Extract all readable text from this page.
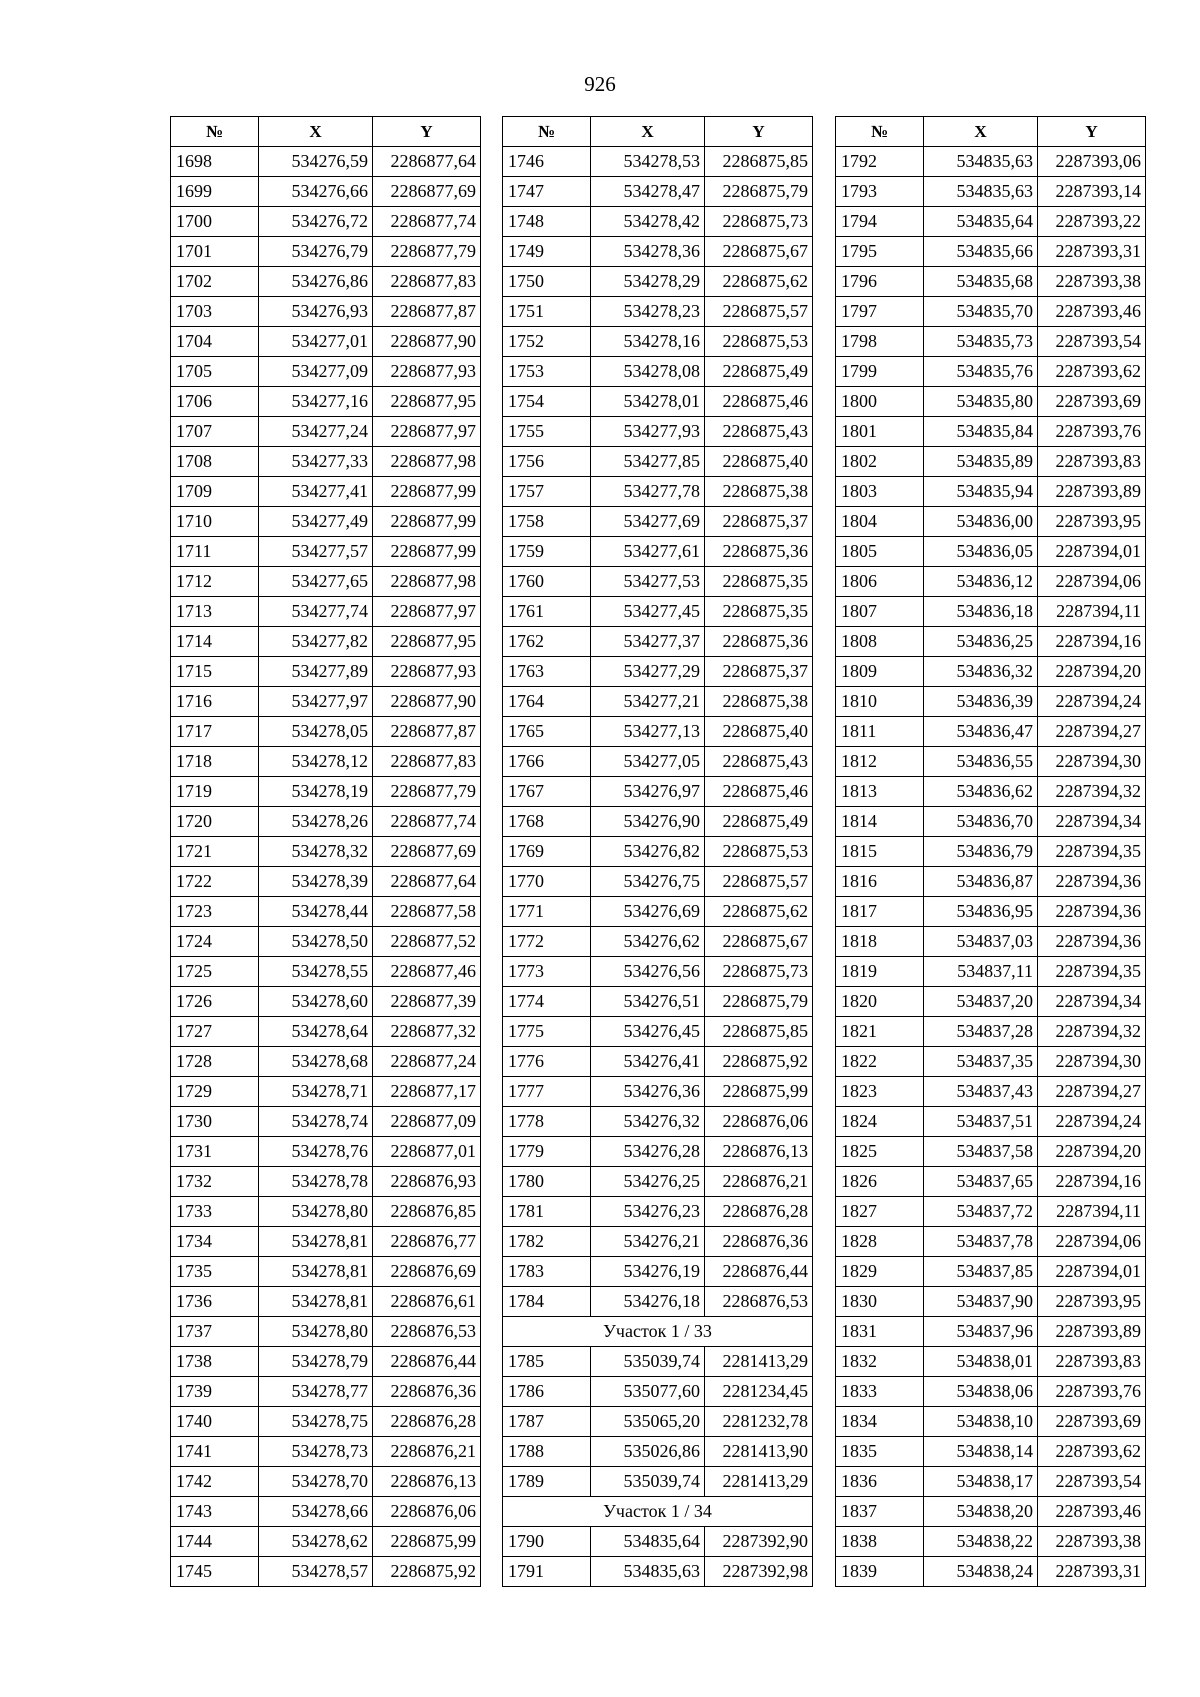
926
№	X	Y
1698	534276,59	2286877,64
1699	534276,66	2286877,69
1700	534276,72	2286877,74
1701	534276,79	2286877,79
1702	534276,86	2286877,83
1703	534276,93	2286877,87
1704	534277,01	2286877,90
1705	534277,09	2286877,93
1706	534277,16	2286877,95
1707	534277,24	2286877,97
1708	534277,33	2286877,98
1709	534277,41	2286877,99
1710	534277,49	2286877,99
1711	534277,57	2286877,99
1712	534277,65	2286877,98
1713	534277,74	2286877,97
1714	534277,82	2286877,95
1715	534277,89	2286877,93
1716	534277,97	2286877,90
1717	534278,05	2286877,87
1718	534278,12	2286877,83
1719	534278,19	2286877,79
1720	534278,26	2286877,74
1721	534278,32	2286877,69
1722	534278,39	2286877,64
1723	534278,44	2286877,58
1724	534278,50	2286877,52
1725	534278,55	2286877,46
1726	534278,60	2286877,39
1727	534278,64	2286877,32
1728	534278,68	2286877,24
1729	534278,71	2286877,17
1730	534278,74	2286877,09
1731	534278,76	2286877,01
1732	534278,78	2286876,93
1733	534278,80	2286876,85
1734	534278,81	2286876,77
1735	534278,81	2286876,69
1736	534278,81	2286876,61
1737	534278,80	2286876,53
1738	534278,79	2286876,44
1739	534278,77	2286876,36
1740	534278,75	2286876,28
1741	534278,73	2286876,21
1742	534278,70	2286876,13
1743	534278,66	2286876,06
1744	534278,62	2286875,99
1745	534278,57	2286875,92
№	X	Y
1746	534278,53	2286875,85
1747	534278,47	2286875,79
1748	534278,42	2286875,73
1749	534278,36	2286875,67
1750	534278,29	2286875,62
1751	534278,23	2286875,57
1752	534278,16	2286875,53
1753	534278,08	2286875,49
1754	534278,01	2286875,46
1755	534277,93	2286875,43
1756	534277,85	2286875,40
1757	534277,78	2286875,38
1758	534277,69	2286875,37
1759	534277,61	2286875,36
1760	534277,53	2286875,35
1761	534277,45	2286875,35
1762	534277,37	2286875,36
1763	534277,29	2286875,37
1764	534277,21	2286875,38
1765	534277,13	2286875,40
1766	534277,05	2286875,43
1767	534276,97	2286875,46
1768	534276,90	2286875,49
1769	534276,82	2286875,53
1770	534276,75	2286875,57
1771	534276,69	2286875,62
1772	534276,62	2286875,67
1773	534276,56	2286875,73
1774	534276,51	2286875,79
1775	534276,45	2286875,85
1776	534276,41	2286875,92
1777	534276,36	2286875,99
1778	534276,32	2286876,06
1779	534276,28	2286876,13
1780	534276,25	2286876,21
1781	534276,23	2286876,28
1782	534276,21	2286876,36
1783	534276,19	2286876,44
1784	534276,18	2286876,53
Участок 1 / 33		
1785	535039,74	2281413,29
1786	535077,60	2281234,45
1787	535065,20	2281232,78
1788	535026,86	2281413,90
1789	535039,74	2281413,29
Участок 1 / 34		
1790	534835,64	2287392,90
1791	534835,63	2287392,98
№	X	Y
1792	534835,63	2287393,06
1793	534835,63	2287393,14
1794	534835,64	2287393,22
1795	534835,66	2287393,31
1796	534835,68	2287393,38
1797	534835,70	2287393,46
1798	534835,73	2287393,54
1799	534835,76	2287393,62
1800	534835,80	2287393,69
1801	534835,84	2287393,76
1802	534835,89	2287393,83
1803	534835,94	2287393,89
1804	534836,00	2287393,95
1805	534836,05	2287394,01
1806	534836,12	2287394,06
1807	534836,18	2287394,11
1808	534836,25	2287394,16
1809	534836,32	2287394,20
1810	534836,39	2287394,24
1811	534836,47	2287394,27
1812	534836,55	2287394,30
1813	534836,62	2287394,32
1814	534836,70	2287394,34
1815	534836,79	2287394,35
1816	534836,87	2287394,36
1817	534836,95	2287394,36
1818	534837,03	2287394,36
1819	534837,11	2287394,35
1820	534837,20	2287394,34
1821	534837,28	2287394,32
1822	534837,35	2287394,30
1823	534837,43	2287394,27
1824	534837,51	2287394,24
1825	534837,58	2287394,20
1826	534837,65	2287394,16
1827	534837,72	2287394,11
1828	534837,78	2287394,06
1829	534837,85	2287394,01
1830	534837,90	2287393,95
1831	534837,96	2287393,89
1832	534838,01	2287393,83
1833	534838,06	2287393,76
1834	534838,10	2287393,69
1835	534838,14	2287393,62
1836	534838,17	2287393,54
1837	534838,20	2287393,46
1838	534838,22	2287393,38
1839	534838,24	2287393,31
